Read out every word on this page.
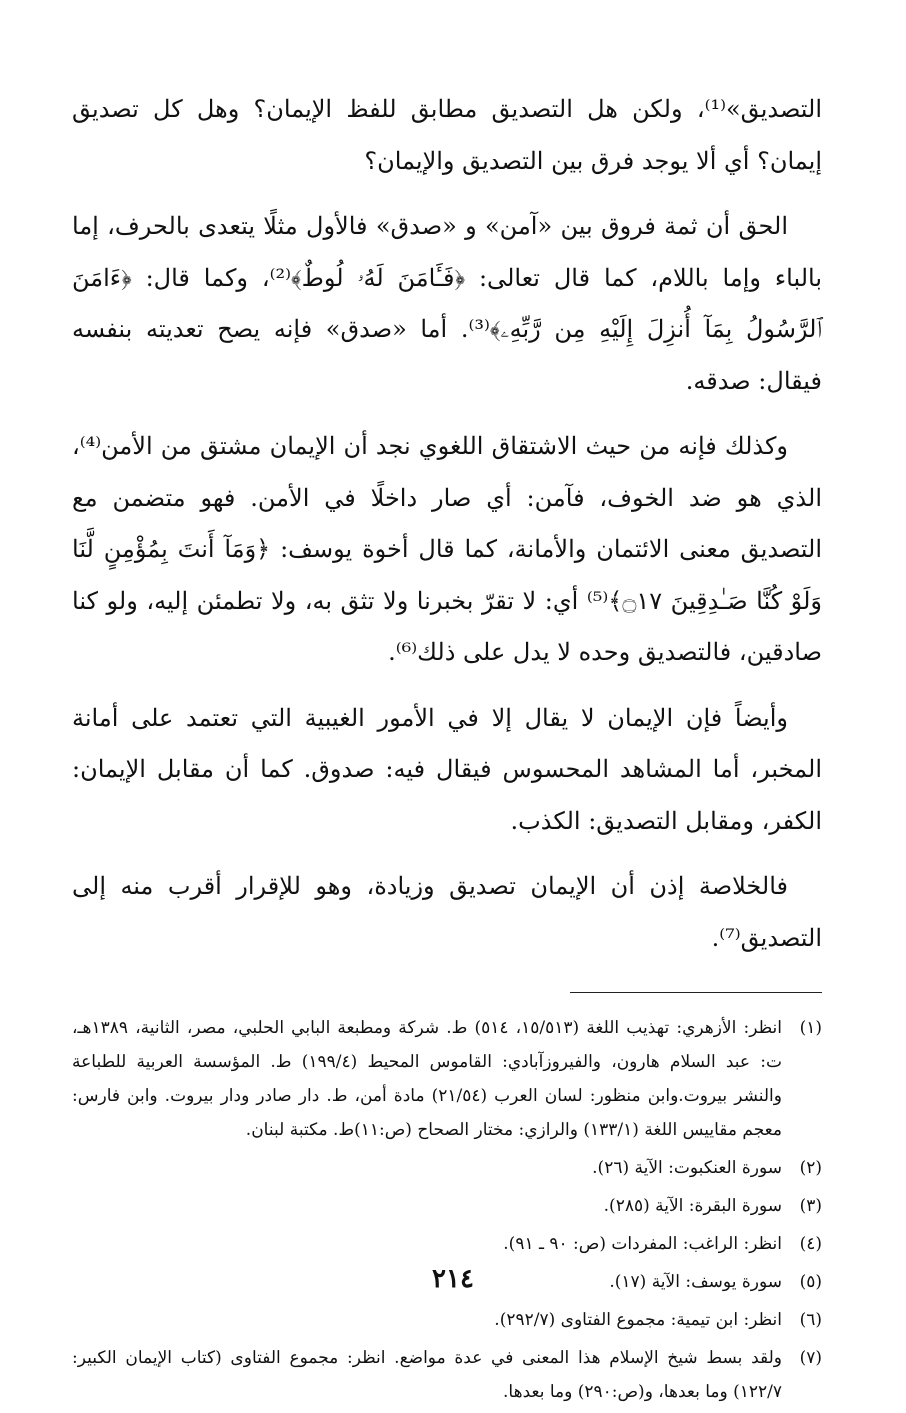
التصديق»⁽¹⁾، ولكن هل التصديق مطابق للفظ الإيمان؟ وهل كل تصديق إيمان؟ أي ألا يوجد فرق بين التصديق والإيمان؟

الحق أن ثمة فروق بين «آمن» و «صدق» فالأول مثلًا يتعدى بالحرف، إما بالباء وإما باللام، كما قال تعالى: ﴿فَـَٔامَنَ لَهُۥ لُوطٌ﴾⁽²⁾، وكما قال: ﴿ءَامَنَ ٱلرَّسُولُ بِمَآ أُنزِلَ إِلَيْهِ مِن رَّبِّهِۦ﴾⁽³⁾. أما «صدق» فإنه يصح تعديته بنفسه فيقال: صدقه.

وكذلك فإنه من حيث الاشتقاق اللغوي نجد أن الإيمان مشتق من الأمن⁽⁴⁾، الذي هو ضد الخوف، فآمن: أي صار داخلًا في الأمن. فهو متضمن مع التصديق معنى الائتمان والأمانة، كما قال أخوة يوسف: ﴿وَمَآ أَنتَ بِمُؤْمِنٍ لَّنَا وَلَوْ كُنَّا صَـٰدِقِينَ ۝١٧﴾⁽⁵⁾ أي: لا تقرّ بخبرنا ولا تثق به، ولا تطمئن إليه، ولو كنا صادقين، فالتصديق وحده لا يدل على ذلك⁽⁶⁾.

وأيضاً فإن الإيمان لا يقال إلا في الأمور الغيبية التي تعتمد على أمانة المخبر، أما المشاهد المحسوس فيقال فيه: صدوق. كما أن مقابل الإيمان: الكفر، ومقابل التصديق: الكذب.

فالخلاصة إذن أن الإيمان تصديق وزيادة، وهو للإقرار أقرب منه إلى التصديق⁽⁷⁾.

(١)
انظر: الأزهري: تهذيب اللغة (١٥/٥١٣، ٥١٤) ط. شركة ومطبعة البابي الحلبي، مصر، الثانية، ١٣٨٩هـ، ت: عبد السلام هارون، والفيروزآبادي: القاموس المحيط (١٩٩/٤) ط. المؤسسة العربية للطباعة والنشر بيروت.وابن منظور: لسان العرب (٢١/٥٤) مادة أمن، ط. دار صادر ودار بيروت. وابن فارس: معجم مقاييس اللغة (١٣٣/١) والرازي: مختار الصحاح (ص:١١)ط. مكتبة لبنان.
(٢)
سورة العنكبوت: الآية (٢٦).
(٣)
سورة البقرة: الآية (٢٨٥).
(٤)
انظر: الراغب: المفردات (ص: ٩٠ ـ ٩١).
(٥)
سورة يوسف: الآية (١٧).
(٦)
انظر: ابن تيمية: مجموع الفتاوى (٢٩٢/٧).
(٧)
ولقد بسط شيخ الإسلام هذا المعنى في عدة مواضع. انظر: مجموع الفتاوى (كتاب الإيمان الكبير: ١٢٢/٧) وما بعدها، و(ص:٢٩٠) وما بعدها.
٢١٤
